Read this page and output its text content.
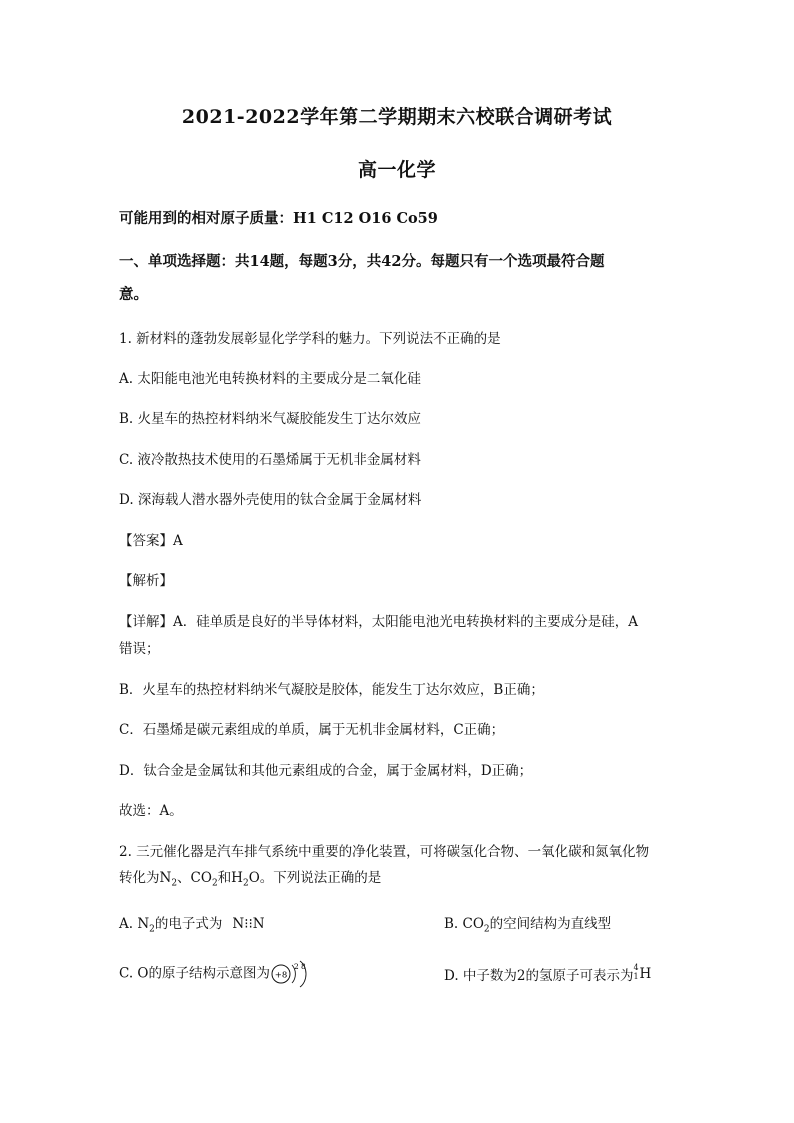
2021-2022学年第二学期期末六校联合调研考试
高一化学
可能用到的相对原子质量：H1 C12 O16 Co59
一、单项选择题：共14题，每题3分，共42分。每题只有一个选项最符合题
意。
1. 新材料的蓬勃发展彰显化学学科的魅力。下列说法不正确的是
A. 太阳能电池光电转换材料的主要成分是二氧化硅
B. 火星车的热控材料纳米气凝胶能发生丁达尔效应
C. 液冷散热技术使用的石墨烯属于无机非金属材料
D. 深海载人潜水器外壳使用的钛合金属于金属材料
【答案】A
【解析】
【详解】A．硅单质是良好的半导体材料，太阳能电池光电转换材料的主要成分是硅，A
错误；
B．火星车的热控材料纳米气凝胶是胶体，能发生丁达尔效应，B正确；
C．石墨烯是碳元素组成的单质，属于无机非金属材料，C正确；
D．钛合金是金属钛和其他元素组成的合金，属于金属材料，D正确；
故选：A。
2. 三元催化器是汽车排气系统中重要的净化装置，可将碳氢化合物、一氧化碳和氮氧化物
转化为$N_2$、$CO_2$和$H_2O$。下列说法正确的是
A. $N_2$的电子式为 N⁝⁝N	B. $CO_2$的空间结构为直线型
C. O的原子结构示意图为 +8
2 8
D. 中子数为2的氢原子可表示为
4
1 H
